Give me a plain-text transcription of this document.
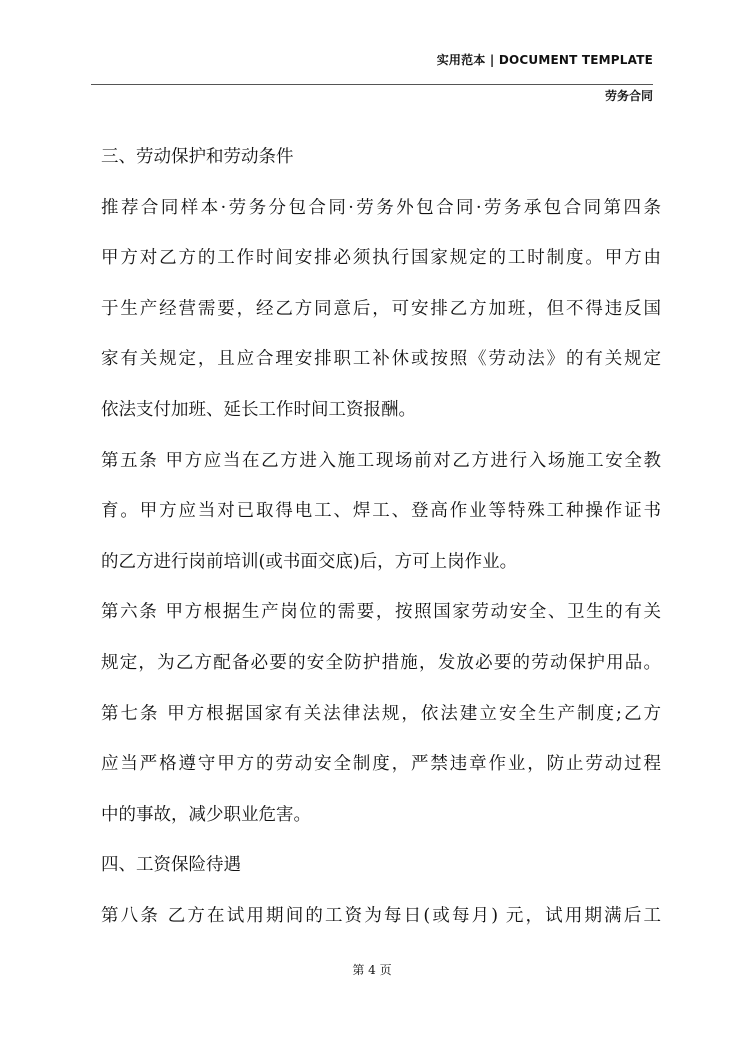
实用范本 | DOCUMENT TEMPLATE
劳务合同
三、劳动保护和劳动条件
推荐合同样本·劳务分包合同·劳务外包合同·劳务承包合同第四条
甲方对乙方的工作时间安排必须执行国家规定的工时制度。甲方由
于生产经营需要，经乙方同意后，可安排乙方加班，但不得违反国
家有关规定，且应合理安排职工补休或按照《劳动法》的有关规定
依法支付加班、延长工作时间工资报酬。
第五条 甲方应当在乙方进入施工现场前对乙方进行入场施工安全教
育。甲方应当对已取得电工、焊工、登高作业等特殊工种操作证书
的乙方进行岗前培训(或书面交底)后，方可上岗作业。
第六条 甲方根据生产岗位的需要，按照国家劳动安全、卫生的有关
规定，为乙方配备必要的安全防护措施，发放必要的劳动保护用品。
第七条 甲方根据国家有关法律法规，依法建立安全生产制度;乙方
应当严格遵守甲方的劳动安全制度，严禁违章作业，防止劳动过程
中的事故，减少职业危害。
四、工资保险待遇
第八条 乙方在试用期间的工资为每日(或每月) 元，试用期满后工
第 4 页
